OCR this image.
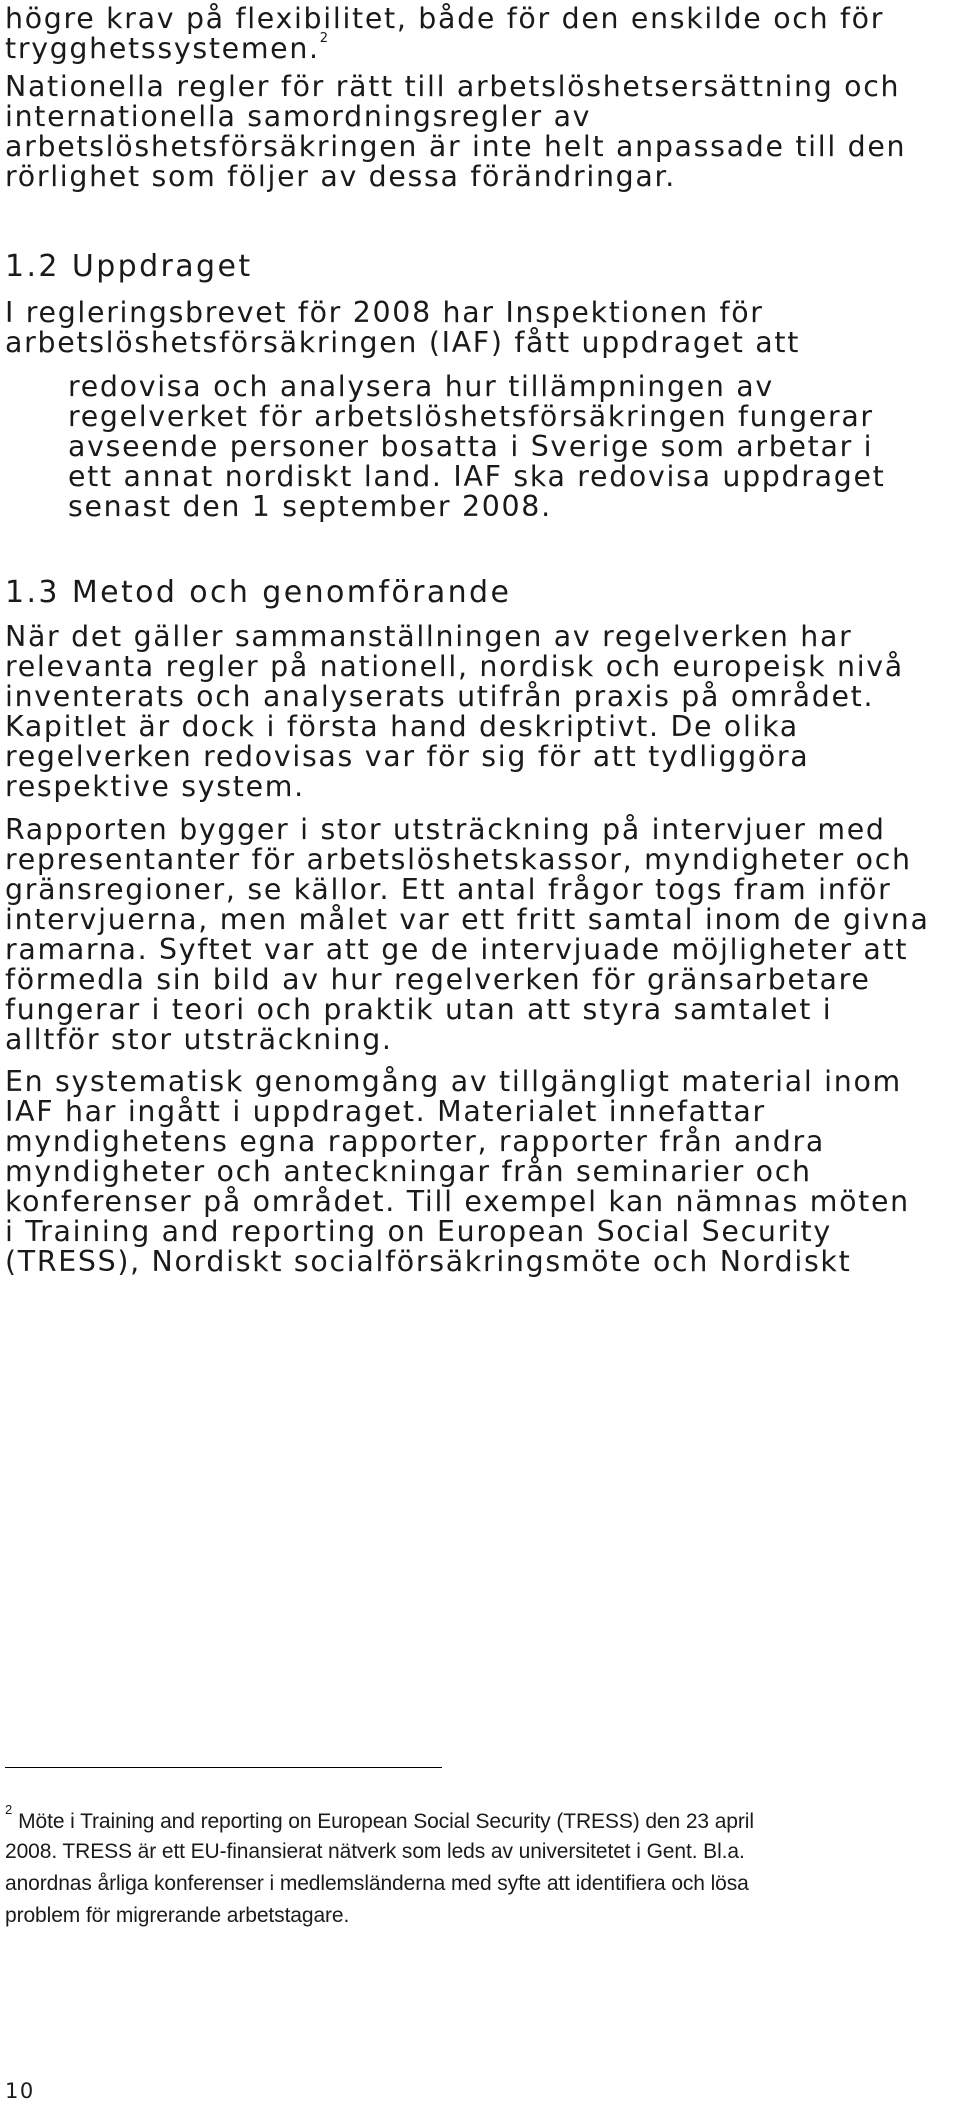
högre krav på flexibilitet, både för den enskilde och för
trygghetssystemen.$^2$
Nationella regler för rätt till arbetslöshetsersättning och
internationella samordningsregler av
arbetslöshetsförsäkringen är inte helt anpassade till den
rörlighet som följer av dessa förändringar.
1.2 Uppdraget
I regleringsbrevet för 2008 har Inspektionen för
arbetslöshetsförsäkringen (IAF) fått uppdraget att
redovisa och analysera hur tillämpningen av
regelverket för arbetslöshetsförsäkringen fungerar
avseende personer bosatta i Sverige som arbetar i
ett annat nordiskt land. IAF ska redovisa uppdraget
senast den 1 september 2008.
1.3 Metod och genomförande
När det gäller sammanställningen av regelverken har
relevanta regler på nationell, nordisk och europeisk nivå
inventerats och analyserats utifrån praxis på området.
Kapitlet är dock i första hand deskriptivt. De olika
regelverken redovisas var för sig för att tydliggöra
respektive system.
Rapporten bygger i stor utsträckning på intervjuer med
representanter för arbetslöshetskassor, myndigheter och
gränsregioner, se källor. Ett antal frågor togs fram inför
intervjuerna, men målet var ett fritt samtal inom de givna
ramarna. Syftet var att ge de intervjuade möjligheter att
förmedla sin bild av hur regelverken för gränsarbetare
fungerar i teori och praktik utan att styra samtalet i
alltför stor utsträckning.
En systematisk genomgång av tillgängligt material inom
IAF har ingått i uppdraget. Materialet innefattar
myndighetens egna rapporter, rapporter från andra
myndigheter och anteckningar från seminarier och
konferenser på området. Till exempel kan nämnas möten
i Training and reporting on European Social Security
(TRESS), Nordiskt socialförsäkringsmöte och Nordiskt
$^2$Möte i Training and reporting on European Social Security (TRESS) den 23 april
2008. TRESS är ett EU-finansierat nätverk som leds av universitetet i Gent. Bl.a.
anordnas årliga konferenser i medlemsländerna med syfte att identifiera och lösa
problem för migrerande arbetstagare.
10
